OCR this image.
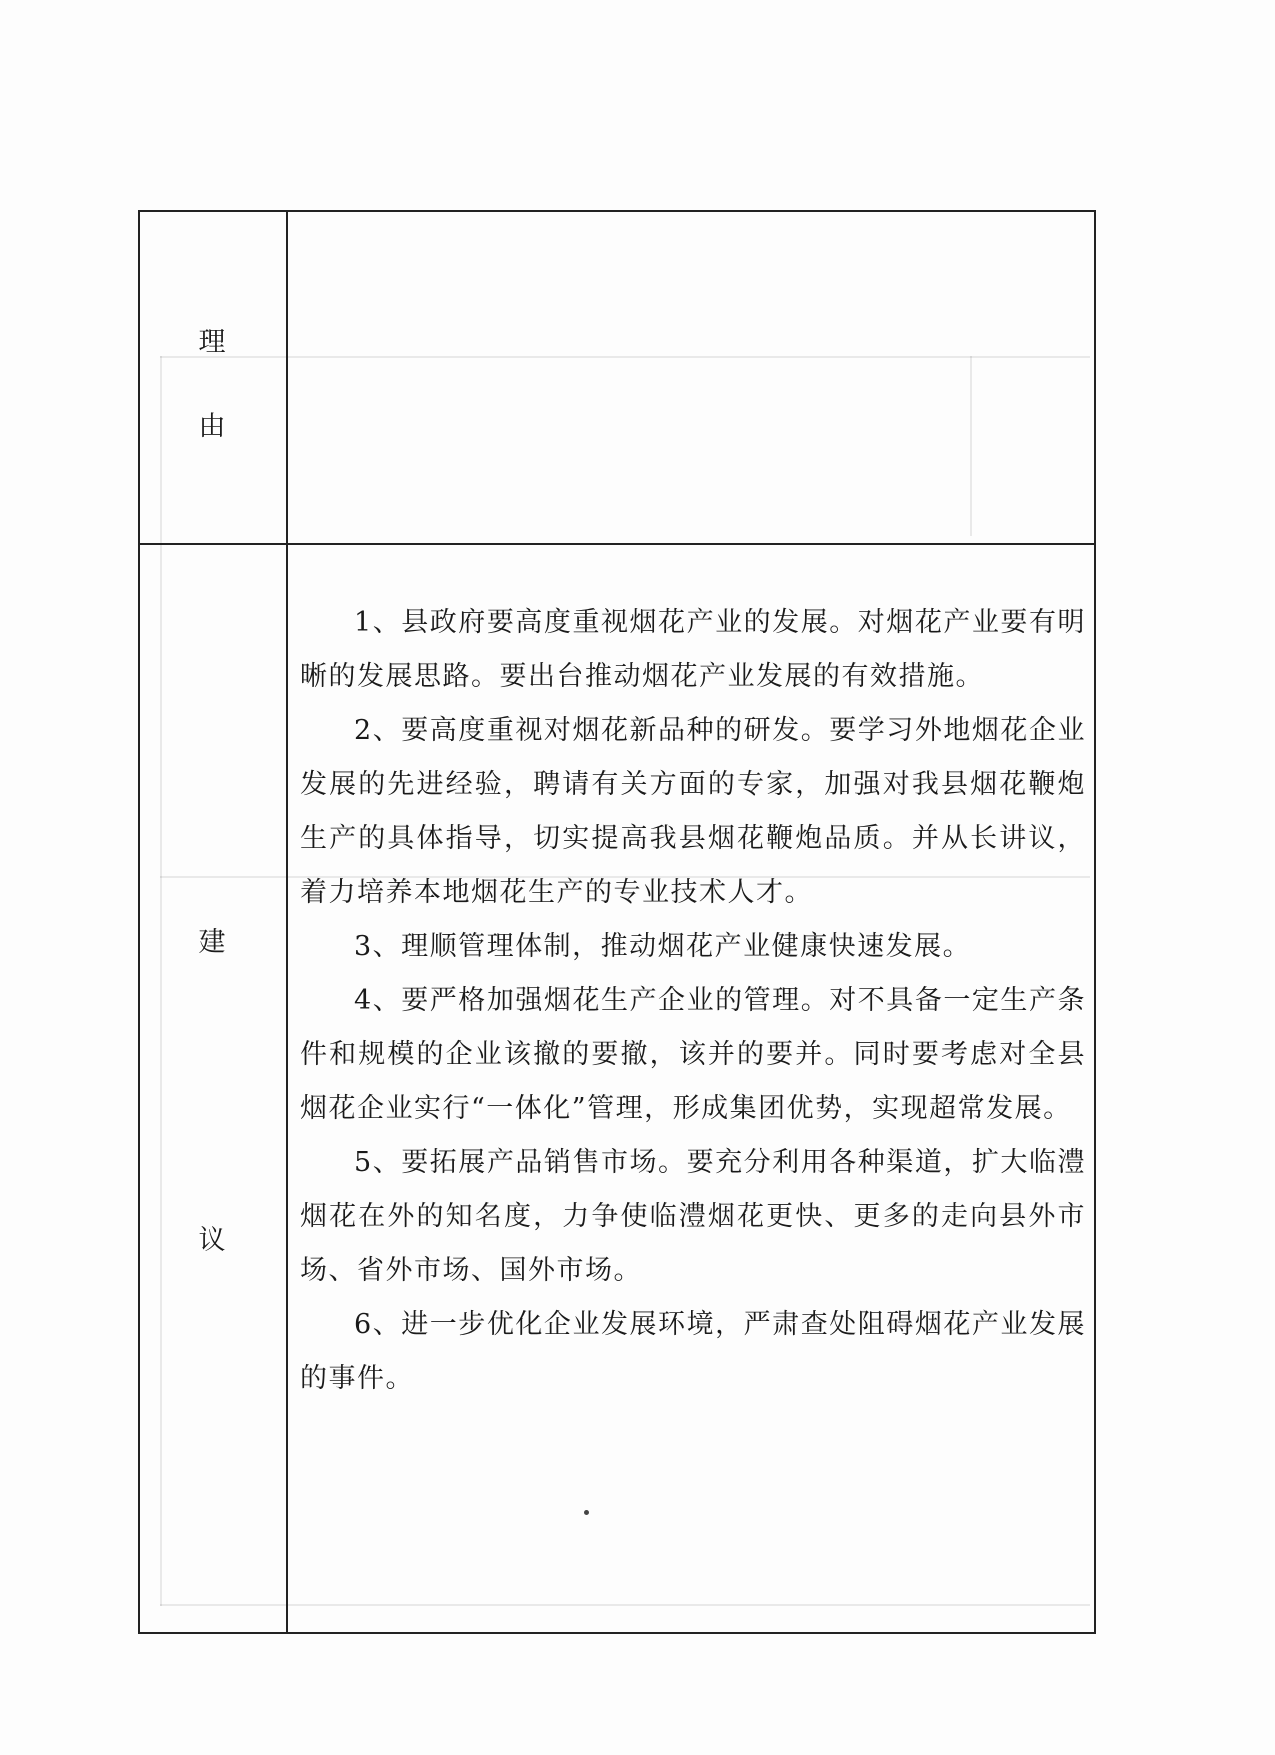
理
由
建
议

1、县政府要高度重视烟花产业的发展。对烟花产业要有明晰的发展思路。要出台推动烟花产业发展的有效措施。

2、要高度重视对烟花新品种的研发。要学习外地烟花企业发展的先进经验，聘请有关方面的专家，加强对我县烟花鞭炮生产的具体指导，切实提高我县烟花鞭炮品质。并从长讲议，着力培养本地烟花生产的专业技术人才。

3、理顺管理体制，推动烟花产业健康快速发展。

4、要严格加强烟花生产企业的管理。对不具备一定生产条件和规模的企业该撤的要撤，该并的要并。同时要考虑对全县烟花企业实行“一体化”管理，形成集团优势，实现超常发展。

5、要拓展产品销售市场。要充分利用各种渠道，扩大临澧烟花在外的知名度，力争使临澧烟花更快、更多的走向县外市场、省外市场、国外市场。

6、进一步优化企业发展环境，严肃查处阻碍烟花产业发展的事件。
